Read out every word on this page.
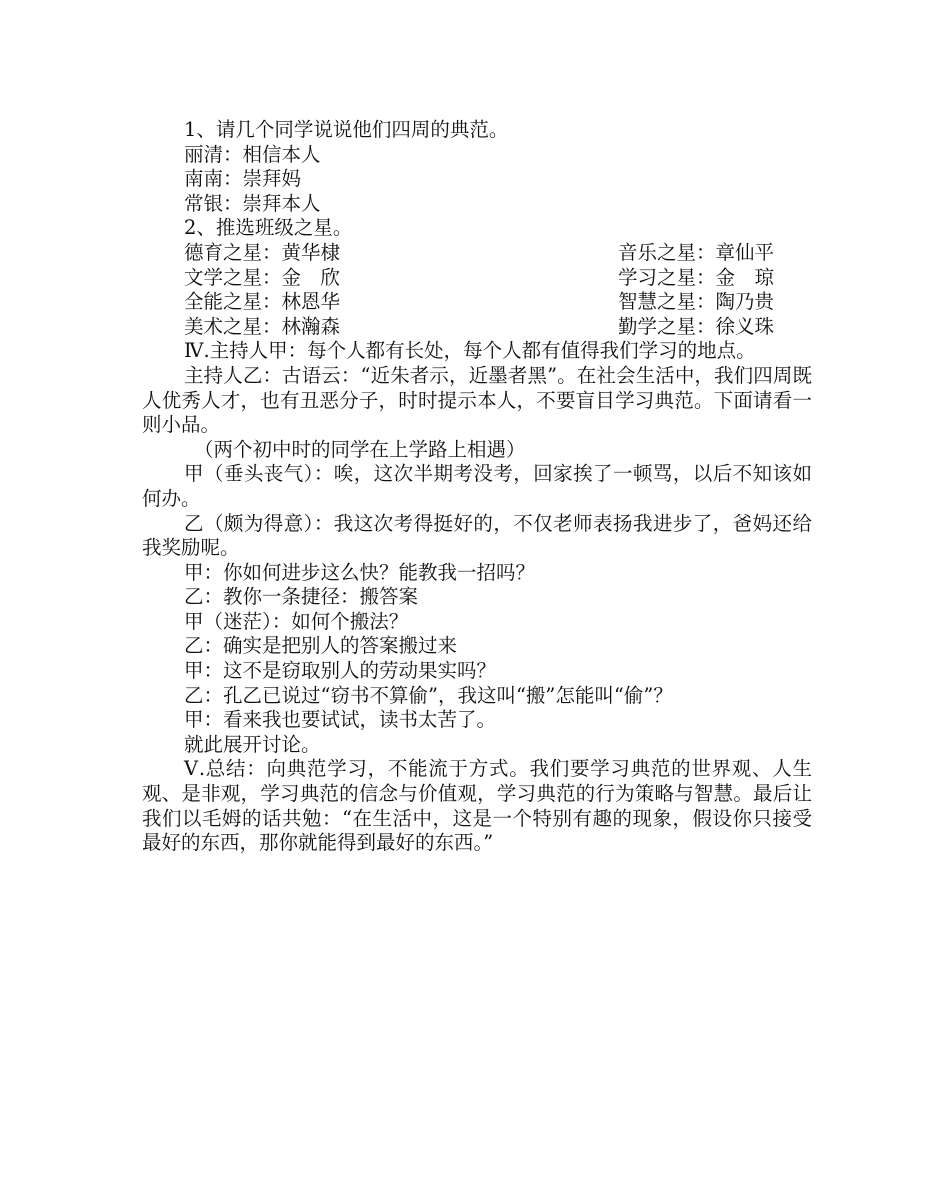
1、请几个同学说说他们四周的典范。

丽清：相信本人

南南：崇拜妈

常银：崇拜本人

2、推选班级之星。

德育之星：黄华棣	音乐之星：章仙平
文学之星：金　欣	学习之星：金　琼
全能之星：林恩华	智慧之星：陶乃贵
美术之星：林瀚森	勤学之星：徐义珠

Ⅳ.主持人甲：每个人都有长处，每个人都有值得我们学习的地点。

主持人乙：古语云：“近朱者示，近墨者黑”。在社会生活中，我们四周既人优秀人才，也有丑恶分子，时时提示本人，不要盲目学习典范。下面请看一则小品。

（两个初中时的同学在上学路上相遇）

甲（垂头丧气）：唉，这次半期考没考，回家挨了一顿骂，以后不知该如何办。

乙（颇为得意）：我这次考得挺好的，不仅老师表扬我进步了，爸妈还给我奖励呢。

甲：你如何进步这么快？能教我一招吗？

乙：教你一条捷径：搬答案

甲（迷茫）：如何个搬法？

乙：确实是把别人的答案搬过来

甲：这不是窃取别人的劳动果实吗？

乙：孔乙已说过“窃书不算偷”，我这叫“搬”怎能叫“偷”？

甲：看来我也要试试，读书太苦了。

就此展开讨论。

Ⅴ.总结：向典范学习，不能流于方式。我们要学习典范的世界观、人生观、是非观，学习典范的信念与价值观，学习典范的行为策略与智慧。最后让我们以毛姆的话共勉：“在生活中，这是一个特别有趣的现象，假设你只接受最好的东西，那你就能得到最好的东西。”
